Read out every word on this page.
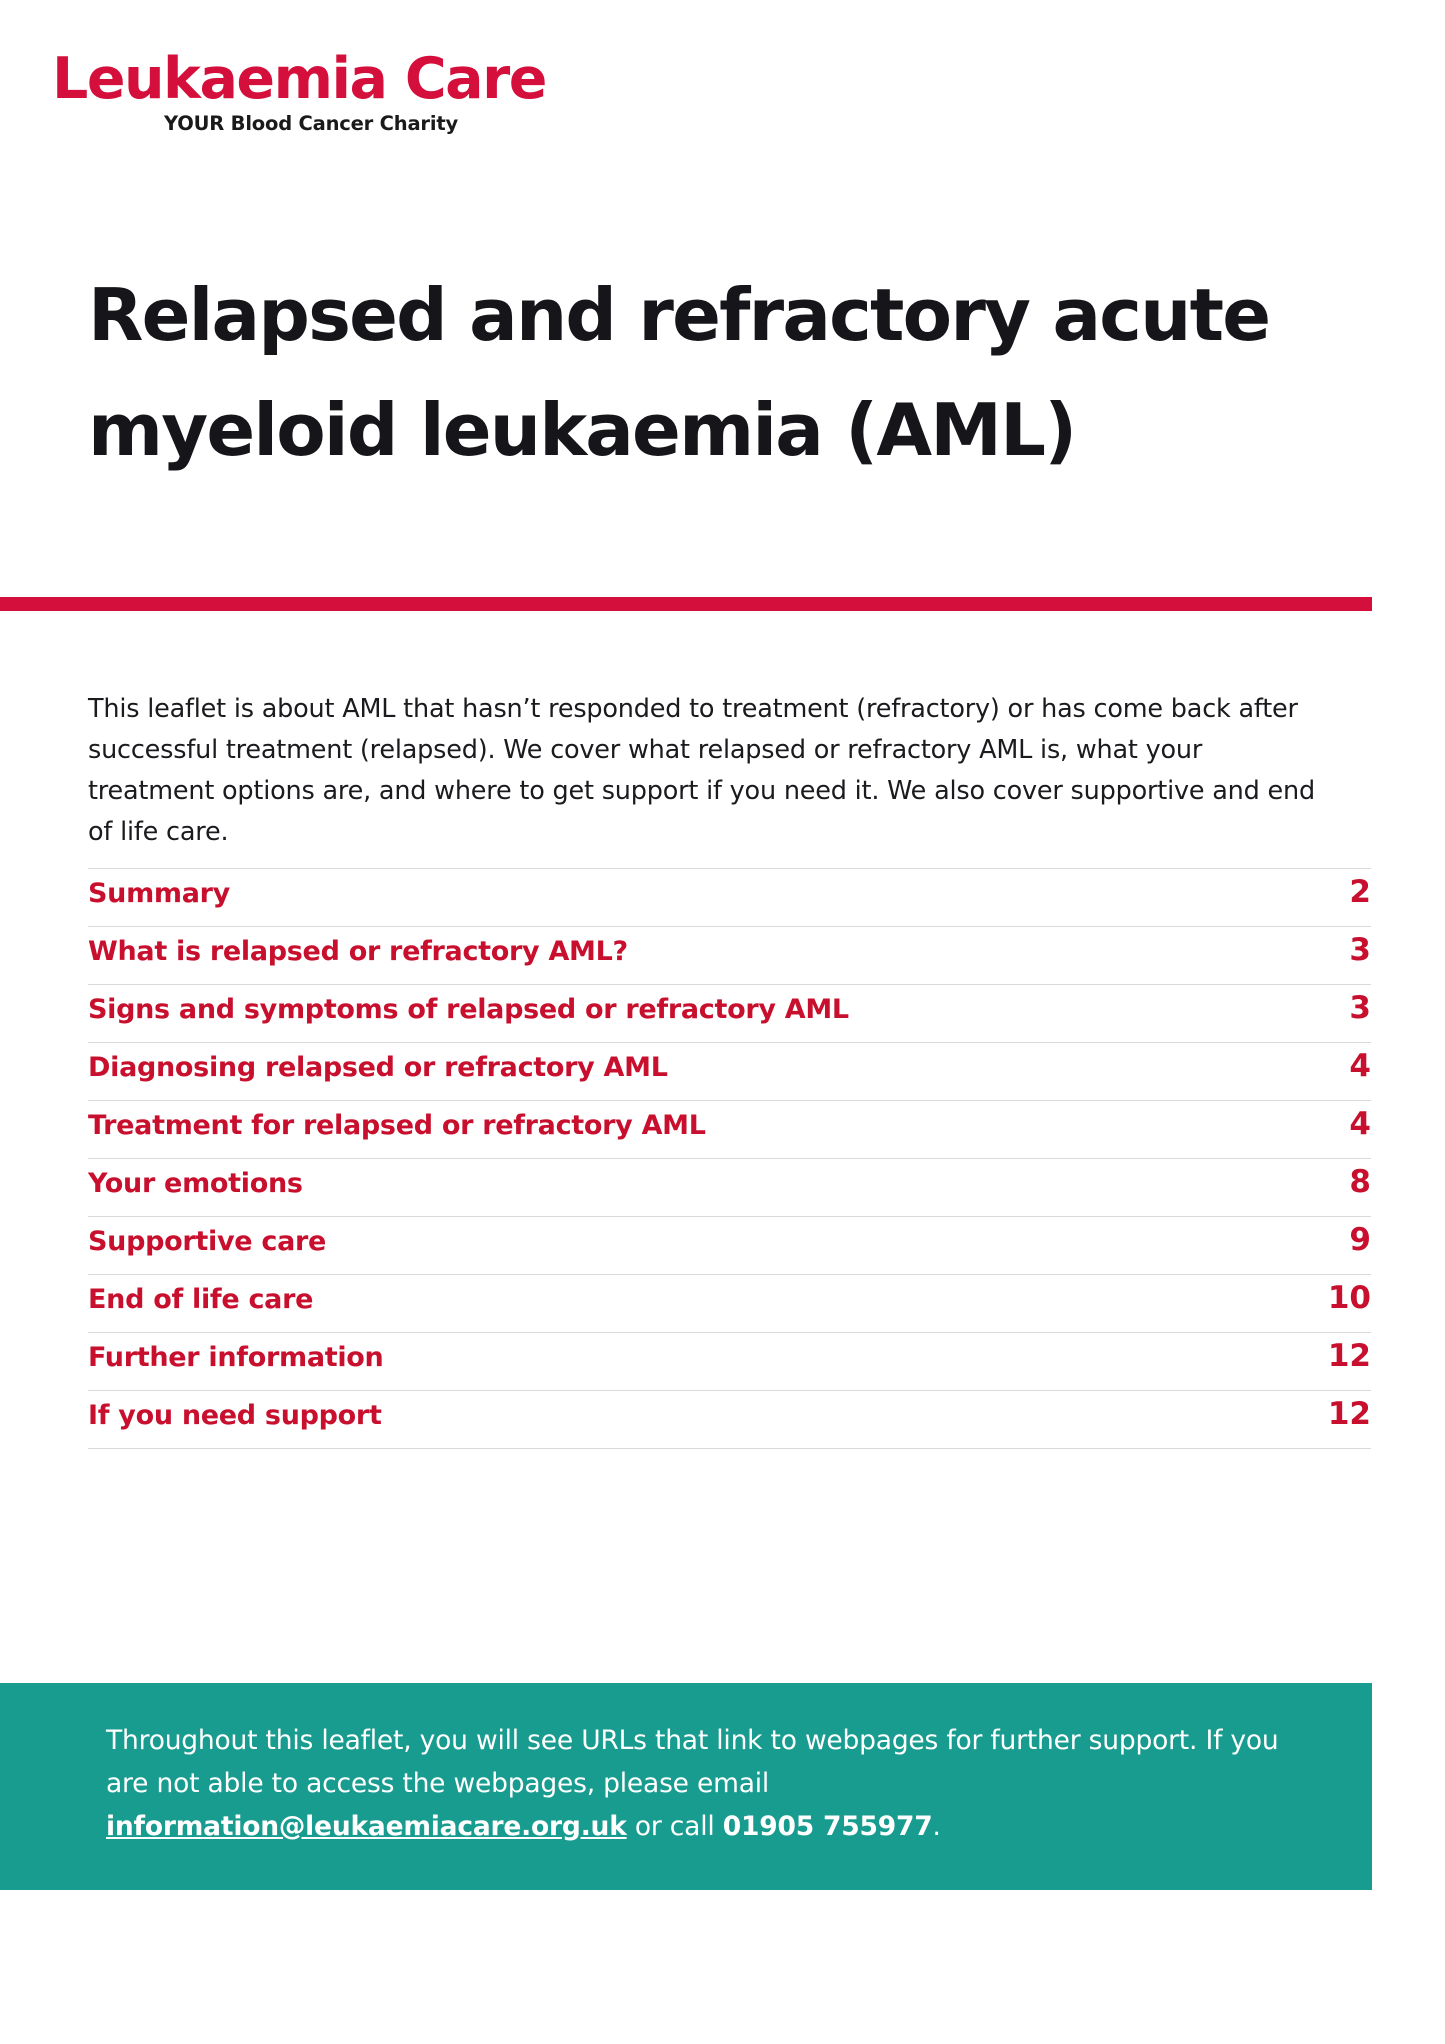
Leukaemia Care
YOUR Blood Cancer Charity
Relapsed and refractory acute myeloid leukaemia (AML)

This leaflet is about AML that hasn’t responded to treatment (refractory) or has come back after successful treatment (relapsed). We cover what relapsed or refractory AML is, what your treatment options are, and where to get support if you need it. We also cover supportive and end of life care.

Summary	2
What is relapsed or refractory AML?	3
Signs and symptoms of relapsed or refractory AML	3
Diagnosing relapsed or refractory AML	4
Treatment for relapsed or refractory AML	4
Your emotions	8
Supportive care	9
End of life care	10
Further information	12
If you need support	12
Throughout this leaflet, you will see URLs that link to webpages for further support. If you are not able to access the webpages, please email information@leukaemiacare.org.uk or call 01905 755977.
